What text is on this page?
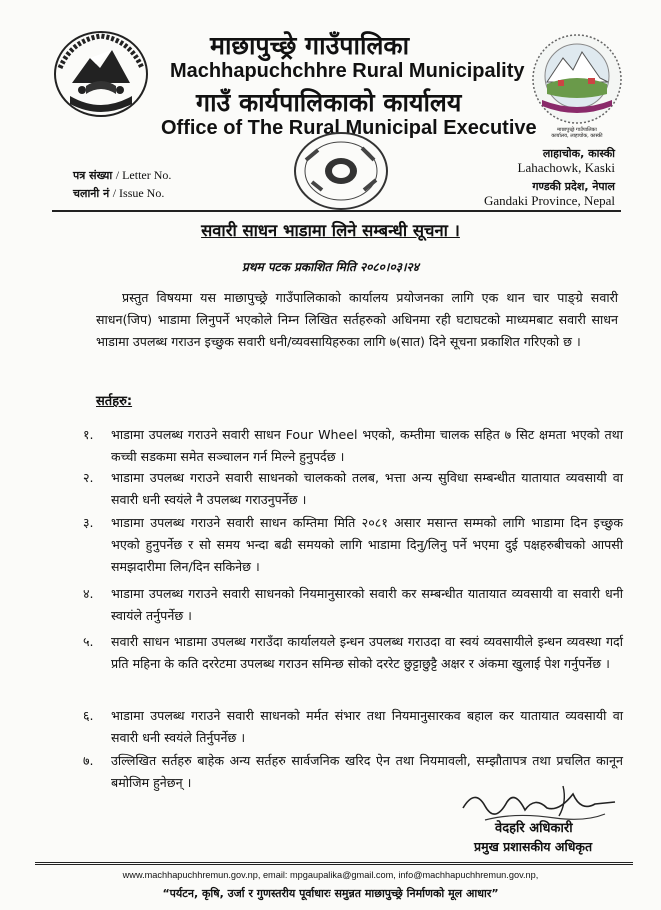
माछापुच्छ्रे गाउँपालिका
कार्यालय, लाहाचोक, कास्की
माछापुच्छ्रे गाउँपालिका
Machhapuchchhre Rural Municipality
गाउँ कार्यपालिकाको कार्यालय
Office of The Rural Municipal Executive
पत्र संख्या / Letter No.
चलानी नं / Issue No.
लाहाचोक, कास्की
Lahachowk, Kaski
गण्डकी प्रदेश, नेपाल
Gandaki Province, Nepal
सवारी साधन भाडामा लिने सम्बन्धी सूचना ।
प्रथम पटक प्रकाशित मिति २०८०।०३।२४
प्रस्तुत विषयमा यस माछापुच्छ्रे गाउँपालिकाको कार्यालय प्रयोजनका लागि एक थान चार पाङ्ग्रे सवारी साधन(जिप) भाडामा लिनुपर्ने भएकोले निम्न लिखित सर्तहरुको अधिनमा रही घटाघटको माध्यमबाट सवारी साधन भाडामा उपलब्ध गराउन इच्छुक सवारी धनी/व्यवसायिहरुका लागि ७(सात) दिने सूचना प्रकाशित गरिएको छ ।
सर्तहरु:
१.	भाडामा उपलब्ध गराउने सवारी साधन Four Wheel भएको, कम्तीमा चालक सहित ७ सिट क्षमता भएको तथा कच्ची सडकमा समेत सञ्चालन गर्न मिल्ने हुनुपर्दछ ।
२.	भाडामा उपलब्ध गराउने सवारी साधनको चालकको तलब, भत्ता अन्य सुविधा सम्बन्धीत यातायात व्यवसायी वा सवारी धनी स्वयंले नै उपलब्ध गराउनुपर्नेछ ।
३.	भाडामा उपलब्ध गराउने सवारी साधन कम्तिमा मिति २०८१ असार मसान्त सम्मको लागि भाडामा दिन इच्छुक भएको हुनुपर्नेछ र सो समय भन्दा बढी समयको लागि भाडामा दिनु/लिनु पर्ने भएमा दुई पक्षहरुबीचको आपसी समझदारीमा लिन/दिन सकिनेछ ।
४.	भाडामा उपलब्ध गराउने सवारी साधनको नियमानुसारको सवारी कर सम्बन्धीत यातायात व्यवसायी वा सवारी धनी स्वायंले तर्नुपर्नेछ ।
५.	सवारी साधन भाडामा उपलब्ध गराउँदा कार्यालयले इन्धन उपलब्ध गराउदा वा स्वयं व्यवसायीले इन्धन व्यवस्था गर्दा प्रति महिना के कति दररेटमा उपलब्ध गराउन समिन्छ सोको दररेट छुट्टाछुट्टै अक्षर र अंकमा खुलाई पेश गर्नुपर्नेछ ।
६.	भाडामा उपलब्ध गराउने सवारी साधनको मर्मत संभार तथा नियमानुसारकव बहाल कर यातायात व्यवसायी वा सवारी धनी स्वयंले तिर्नुपर्नेछ ।
७.	उल्लिखित सर्तहरु बाहेक अन्य सर्तहरु सार्वजनिक खरिद ऐन तथा नियमावली, सम्झौतापत्र तथा प्रचलित कानून बमोजिम हुनेछन् ।
वेदहरि अधिकारी
प्रमुख प्रशासकीय अधिकृत
www.machhapuchhremun.gov.np, email: mpgaupalika@gmail.com, info@machhapuchhremun.gov.np,
“पर्यटन, कृषि, उर्जा र गुणस्तरीय पूर्वाधारः समुन्नत माछापुच्छ्रे निर्माणको मूल आधार”
